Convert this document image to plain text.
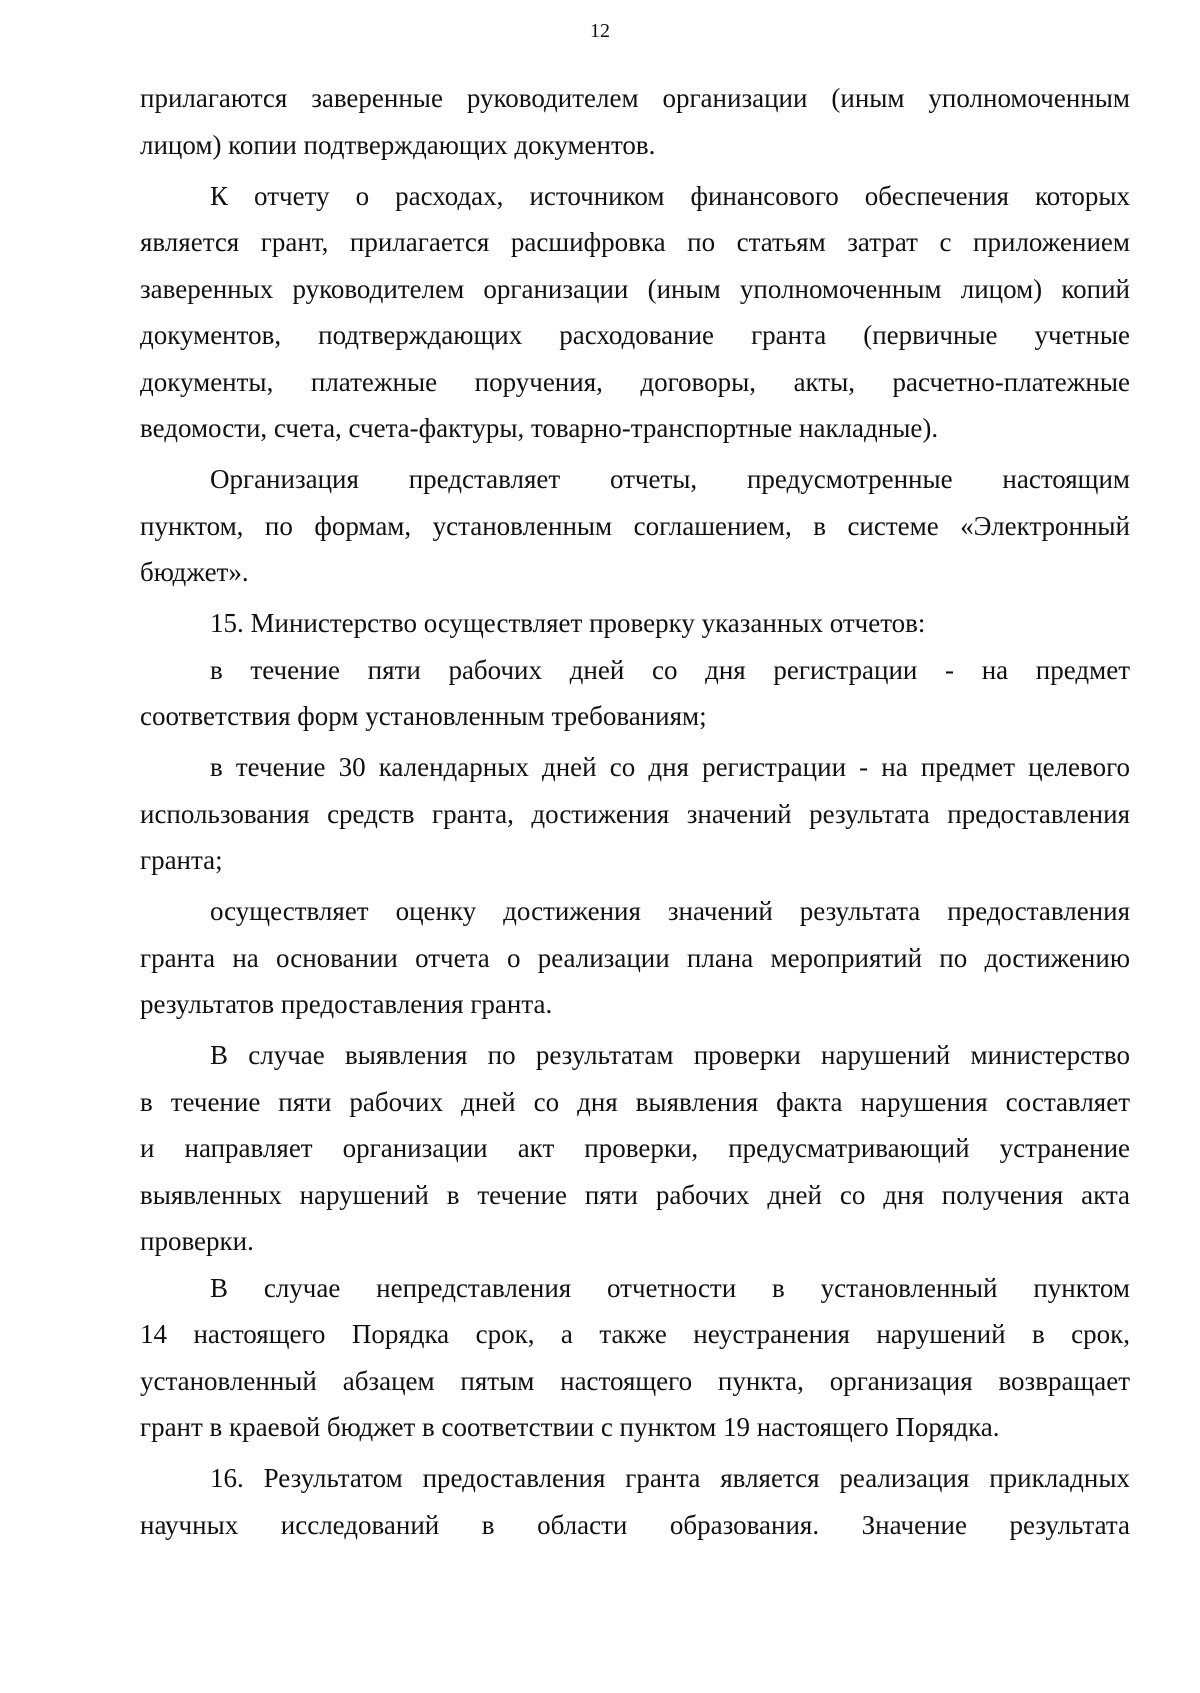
12
прилагаются заверенные руководителем организации (иным уполномоченным
лицом) копии подтверждающих документов.
К отчету о расходах, источником финансового обеспечения которых
является грант, прилагается расшифровка по статьям затрат с приложением
заверенных руководителем организации (иным уполномоченным лицом) копий
документов, подтверждающих расходование гранта (первичные учетные
документы, платежные поручения, договоры, акты, расчетно-платежные
ведомости, счета, счета-фактуры, товарно-транспортные накладные).
Организация представляет отчеты, предусмотренные настоящим
пунктом, по формам, установленным соглашением, в системе «Электронный
бюджет».
15. Министерство осуществляет проверку указанных отчетов:
в течение пяти рабочих дней со дня регистрации - на предмет
соответствия форм установленным требованиям;
в течение 30 календарных дней со дня регистрации - на предмет целевого
использования средств гранта, достижения значений результата предоставления
гранта;
осуществляет оценку достижения значений результата предоставления
гранта на основании отчета о реализации плана мероприятий по достижению
результатов предоставления гранта.
В случае выявления по результатам проверки нарушений министерство
в течение пяти рабочих дней со дня выявления факта нарушения составляет
и направляет организации акт проверки, предусматривающий устранение
выявленных нарушений в течение пяти рабочих дней со дня получения акта
проверки.
В случае непредставления отчетности в установленный пунктом
14 настоящего Порядка срок, а также неустранения нарушений в срок,
установленный абзацем пятым настоящего пункта, организация возвращает
грант в краевой бюджет в соответствии с пунктом 19 настоящего Порядка.
16. Результатом предоставления гранта является реализация прикладных
научных исследований в области образования. Значение результата
